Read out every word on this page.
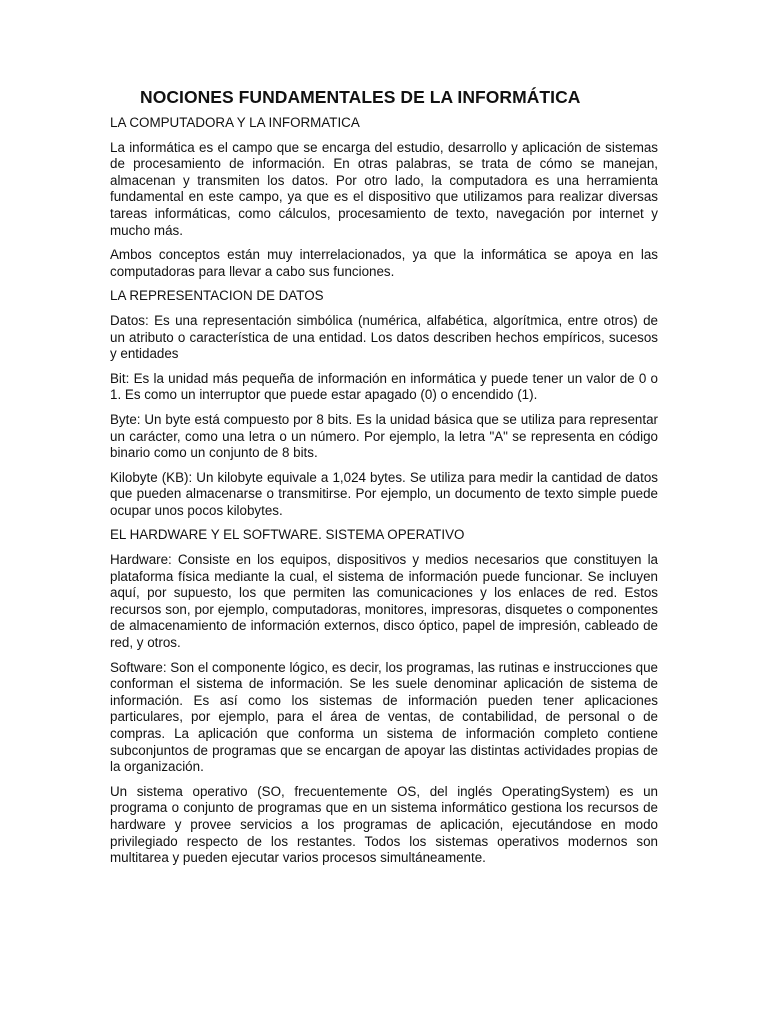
NOCIONES FUNDAMENTALES DE LA INFORMÁTICA
LA COMPUTADORA Y LA INFORMATICA

La informática es el campo que se encarga del estudio, desarrollo y aplicación de sistemas de procesamiento de información. En otras palabras, se trata de cómo se manejan, almacenan y transmiten los datos. Por otro lado, la computadora es una herramienta fundamental en este campo, ya que es el dispositivo que utilizamos para realizar diversas tareas informáticas, como cálculos, procesamiento de texto, navegación por internet y mucho más.

Ambos conceptos están muy interrelacionados, ya que la informática se apoya en las computadoras para llevar a cabo sus funciones.

LA REPRESENTACION DE DATOS

Datos: Es una representación simbólica (numérica, alfabética, algorítmica, entre otros) de un atributo o característica de una entidad. Los datos describen hechos empíricos, sucesos y entidades

Bit: Es la unidad más pequeña de información en informática y puede tener un valor de 0 o 1. Es como un interruptor que puede estar apagado (0) o encendido (1).

Byte: Un byte está compuesto por 8 bits. Es la unidad básica que se utiliza para representar un carácter, como una letra o un número. Por ejemplo, la letra "A" se representa en código binario como un conjunto de 8 bits.

Kilobyte (KB): Un kilobyte equivale a 1,024 bytes. Se utiliza para medir la cantidad de datos que pueden almacenarse o transmitirse. Por ejemplo, un documento de texto simple puede ocupar unos pocos kilobytes.

EL HARDWARE Y EL SOFTWARE. SISTEMA OPERATIVO

Hardware: Consiste en los equipos, dispositivos y medios necesarios que constituyen la plataforma física mediante la cual, el sistema de información puede funcionar. Se incluyen aquí, por supuesto, los que permiten las comunicaciones y los enlaces de red. Estos recursos son, por ejemplo, computadoras, monitores, impresoras, disquetes o componentes de almacenamiento de información externos, disco óptico, papel de impresión, cableado de red, y otros.

Software: Son el componente lógico, es decir, los programas, las rutinas e instrucciones que conforman el sistema de información. Se les suele denominar aplicación de sistema de información. Es así como los sistemas de información pueden tener aplicaciones particulares, por ejemplo, para el área de ventas, de contabilidad, de personal o de compras. La aplicación que conforma un sistema de información completo contiene subconjuntos de programas que se encargan de apoyar las distintas actividades propias de la organización.

Un sistema operativo (SO, frecuentemente OS, del inglés OperatingSystem) es un programa o conjunto de programas que en un sistema informático gestiona los recursos de hardware y provee servicios a los programas de aplicación, ejecutándose en modo privilegiado respecto de los restantes. Todos los sistemas operativos modernos son multitarea y pueden ejecutar varios procesos simultáneamente.
